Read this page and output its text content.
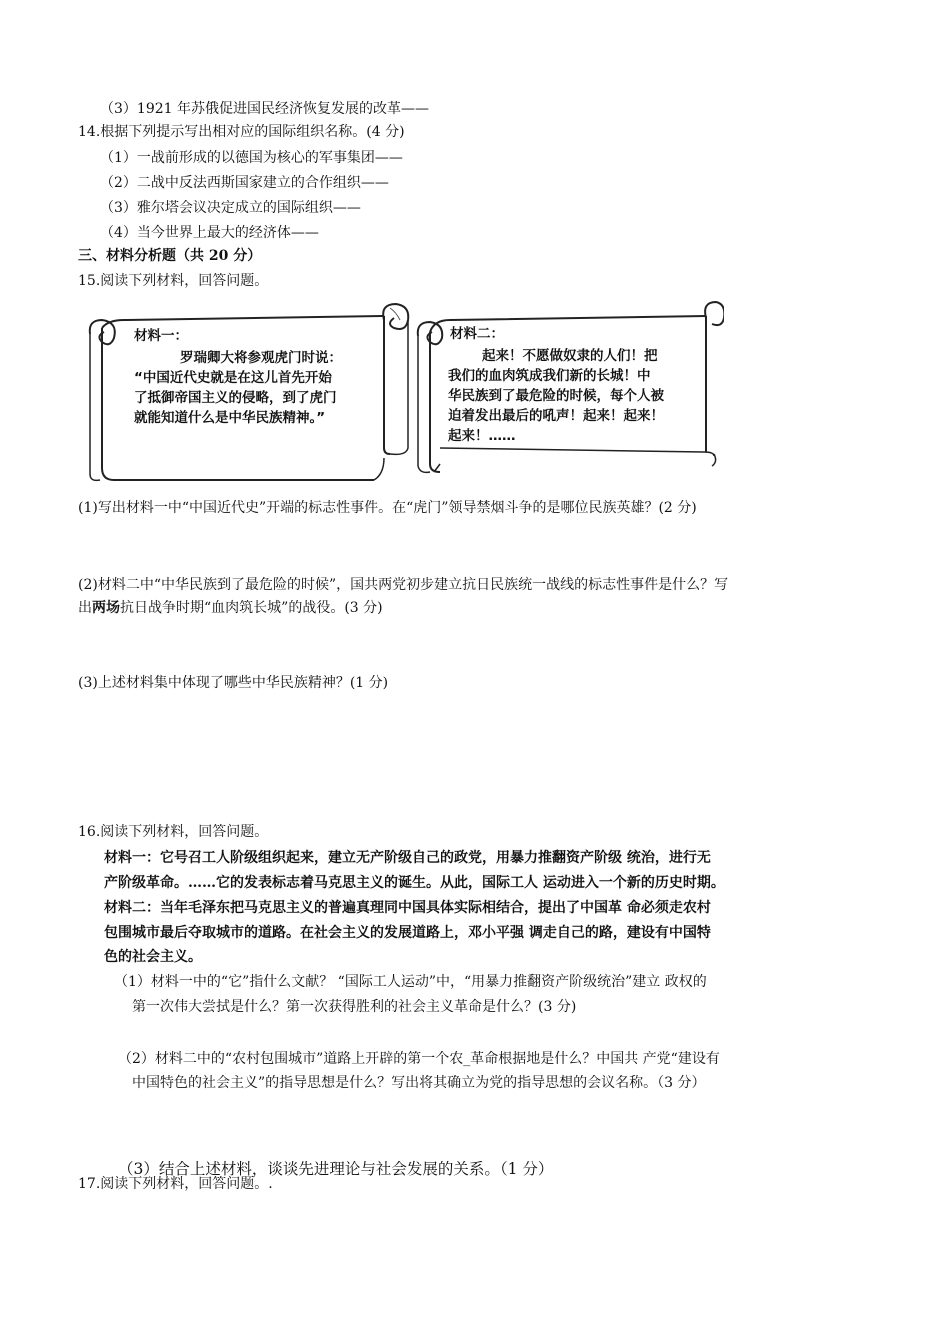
（3）1921 年苏俄促进国民经济恢复发展的改革——
14.根据下列提示写出相对应的国际组织名称。(4 分)
（1）一战前形成的以德国为核心的军事集团——
（2）二战中反法西斯国家建立的合作组织——
（3）雅尔塔会议决定成立的国际组织——
（4）当今世界上最大的经济体——
三、材料分析题（共 20 分）
15.阅读下列材料，回答问题。
材料一：
罗瑞卿大将参观虎门时说：
“中国近代史就是在这儿首先开始
了抵御帝国主义的侵略，到了虎门
就能知道什么是中华民族精神。”
材料二：
起来！不愿做奴隶的人们！把
我们的血肉筑成我们新的长城！中
华民族到了最危险的时候，每个人被
迫着发出最后的吼声！起来！起来！
起来！……
(1)写出材料一中“中国近代史”开端的标志性事件。在“虎门”领导禁烟斗争的是哪位民族英雄？(2 分)
(2)材料二中“中华民族到了最危险的时候”，国共两党初步建立抗日民族统一战线的标志性事件是什么？写
出两场抗日战争时期“血肉筑长城”的战役。(3 分)
(3)上述材料集中体现了哪些中华民族精神？(1 分)
16.阅读下列材料，回答问题。
材料一：它号召工人阶级组织起来，建立无产阶级自己的政党，用暴力推翻资产阶级 统治，进行无
产阶级革命。……它的发表标志着马克思主义的诞生。从此，国际工人 运动进入一个新的历史时期。
材料二：当年毛泽东把马克思主义的普遍真理同中国具体实际相结合，提出了中国革 命必须走农村
包围城市最后夺取城市的道路。在社会主义的发展道路上，邓小平强 调走自己的路，建设有中国特
色的社会主义。
（1）材料一中的“它”指什么文献？ “国际工人运动”中，“用暴力推翻资产阶级统治”建立 政权的
第一次伟大尝拭是什么？第一次获得胜利的社会主义革命是什么？(3 分)
（2）材料二中的“农村包围城市”道路上开辟的第一个农_革命根据地是什么？中国共 产党“建设有
中国特色的社会主义”的指导思想是什么？写出将其确立为党的指导思想的会议名称。（3 分）
（3）结合上述材料，谈谈先进理论与社会发展的关系。（1 分）
17.阅读下列材料，回答问题。.
